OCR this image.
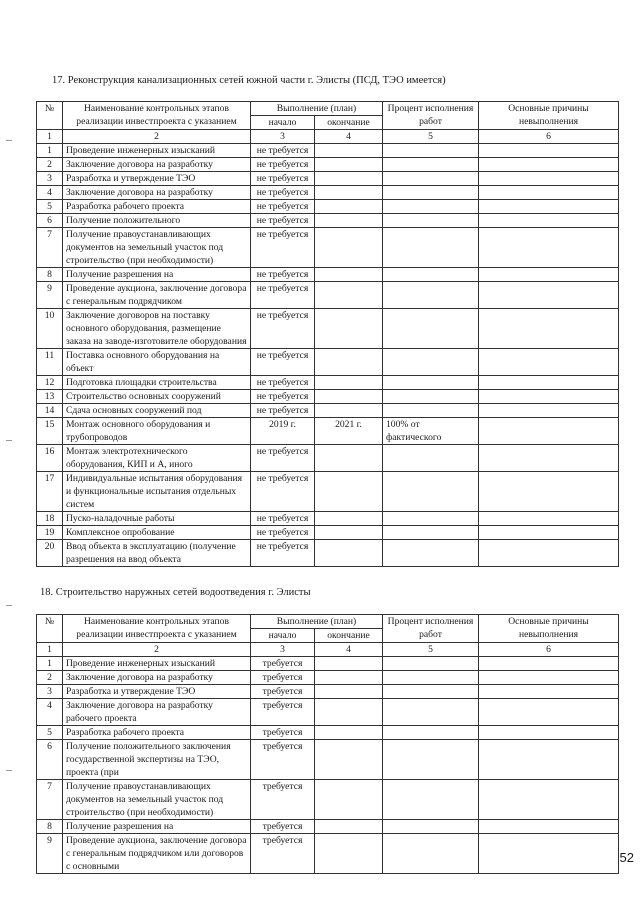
17. Реконструкция канализационных сетей южной части г. Элисты (ПСД, ТЭО имеется)
№	Наименование контрольных этапов реализации инвестпроекта с указанием	Выполнение (план)		Процент исполнения работ	Основные причины невыполнения
		начало	окончание		
1	2	3	4	5	6
1	Проведение инженерных изысканий	не требуется			
2	Заключение договора на разработку	не требуется			
3	Разработка и утверждение ТЭО	не требуется			
4	Заключение договора на разработку	не требуется			
5	Разработка рабочего проекта	не требуется			
6	Получение положительного	не требуется			
7	Получение правоустанавливающих документов на земельный участок под строительство (при необходимости)	не требуется			
8	Получение разрешения на	не требуется			
9	Проведение аукциона, заключение договора с генеральным подрядчиком	не требуется			
10	Заключение договоров на поставку основного оборудования, размещение заказа на заводе-изготовителе оборудования	не требуется			
11	Поставка основного оборудования на объект	не требуется			
12	Подготовка площадки строительства	не требуется			
13	Строительство основных сооружений	не требуется			
14	Сдача основных сооружений под	не требуется			
15	Монтаж основного оборудования и трубопроводов	2019 г.	2021 г.	100% от фактического	
16	Монтаж электротехнического оборудования, КИП и А, иного	не требуется			
17	Индивидуальные испытания оборудования и функциональные испытания отдельных систем	не требуется			
18	Пуско-наладочные работы	не требуется			
19	Комплексное опробование	не требуется			
20	Ввод объекта в эксплуатацию (получение разрешения на ввод объекта	не требуется			
18. Строительство наружных сетей водоотведения г. Элисты
№	Наименование контрольных этапов реализации инвестпроекта с указанием	Выполнение (план)		Процент исполнения работ	Основные причины невыполнения
		начало	окончание		
1	2	3	4	5	6
1	Проведение инженерных изысканий	требуется			
2	Заключение договора на разработку	требуется			
3	Разработка и утверждение ТЭО	требуется			
4	Заключение договора на разработку рабочего проекта	требуется			
5	Разработка рабочего проекта	требуется			
6	Получение положительного заключения государственной экспертизы на ТЭО, проекта (при	требуется			
7	Получение правоустанавливающих документов на земельный участок под строительство (при необходимости)	требуется			
8	Получение разрешения на	требуется			
9	Проведение аукциона, заключение договора с генеральным подрядчиком или договоров с основными	требуется			
52
